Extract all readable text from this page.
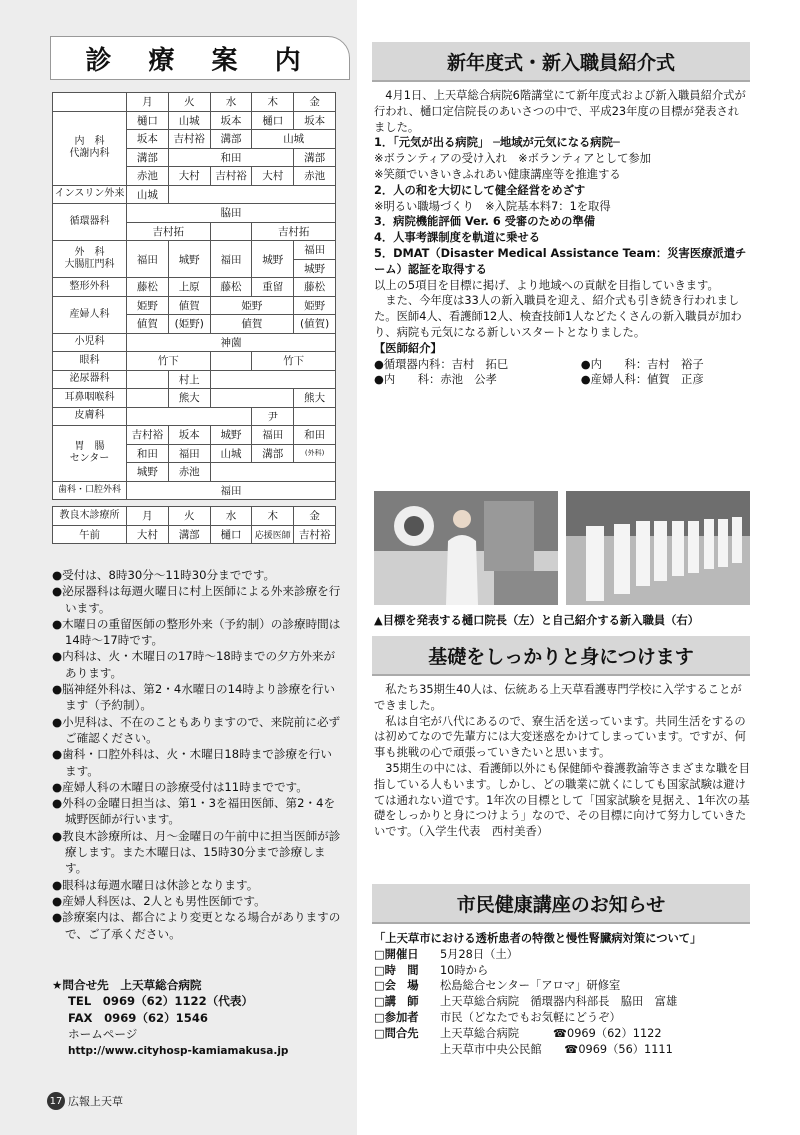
診 療 案 内
	月	火	水	木	金
内　科
代謝内科	樋口	山城	坂本	樋口	坂本
	坂本	吉村裕	溝部	山城	
	溝部	和田			溝部
	赤池	大村	吉村裕	大村	赤池
インスリン外来	山城				
循環器科	脇田				
	吉村拓			吉村拓	
外　科
大腸肛門科	福田	城野	福田	城野	福田
					城野
整形外科	藤松	上原	藤松	重留	藤松
産婦人科	姫野	値賀	姫野		姫野
	値賀	(姫野)	値賀		(値賀)
小児科	神薗				
眼科	竹下			竹下	
泌尿器科		村上			
耳鼻咽喉科		熊大			熊大
皮膚科				尹	
胃　腸
センター	吉村裕	坂本	城野	福田	和田
	和田	福田	山城	溝部	(外科)
	城野	赤池			
歯科・口腔外科	福田				
教良木診療所	月	火	水	木	金
午前	大村	溝部	樋口	応援医師	吉村裕
●受付は、8時30分～11時30分までです。
●泌尿器科は毎週火曜日に村上医師による外来診療を行います。
●木曜日の重留医師の整形外来（予約制）の診療時間は14時～17時です。
●内科は、火・木曜日の17時～18時までの夕方外来があります。
●脳神経外科は、第2・4水曜日の14時より診療を行います（予約制）。
●小児科は、不在のこともありますので、来院前に必ずご確認ください。
●歯科・口腔外科は、火・木曜日18時まで診療を行います。
●産婦人科の木曜日の診療受付は11時までです。
●外科の金曜日担当は、第1・3を福田医師、第2・4を城野医師が行います。
●教良木診療所は、月～金曜日の午前中に担当医師が診療します。また木曜日は、15時30分まで診療します。
●眼科は毎週水曜日は休診となります。
●産婦人科医は、2人とも男性医師です。
●診療案内は、都合により変更となる場合がありますので、ご了承ください。
★問合せ先　上天草総合病院
TEL　0969（62）1122（代表）
FAX　0969（62）1546
ホームページ
http://www.cityhosp-kamiamakusa.jp
17 広報上天草
新年度式・新入職員紹介式

4月1日、上天草総合病院6階講堂にて新年度式および新入職員紹介式が行われ、樋口定信院長のあいさつの中で、平成23年度の目標が発表されました。

1．「元気が出る病院」 ─地域が元気になる病院─
※ボランティアの受け入れ　※ボランティアとして参加
※笑顔でいきいきふれあい健康講座等を推進する
2．人の和を大切にして健全経営をめざす
※明るい職場づくり　※入院基本料7：1を取得
3．病院機能評価 Ver. 6 受審のための準備
4．人事考課制度を軌道に乗せる
5．DMAT（Disaster Medical Assistance Team：災害医療派遣チーム）認証を取得する
以上の5項目を目標に掲げ、より地域への貢献を目指していきます。

また、今年度は33人の新入職員を迎え、紹介式も引き続き行われました。医師4人、看護師12人、検査技師1人などたくさんの新入職員が加わり、病院も元気になる新しいスタートとなりました。

【医師紹介】
●循環器内科：吉村　拓巳	●内　　科：吉村　裕子
●内　　科：赤池　公孝	●産婦人科：値賀　正彦
▲目標を発表する樋口院長（左）と自己紹介する新入職員（右）
基礎をしっかりと身につけます

私たち35期生40人は、伝統ある上天草看護専門学校に入学することができました。

私は自宅が八代にあるので、寮生活を送っています。共同生活をするのは初めてなので先輩方には大変迷惑をかけてしまっています。ですが、何事も挑戦の心で頑張っていきたいと思います。

35期生の中には、看護師以外にも保健師や養護教諭等さまざまな職を目指している人もいます。しかし、どの職業に就くにしても国家試験は避けては通れない道です。1年次の目標として「国家試験を見据え、1年次の基礎をしっかりと身につけよう」なので、その目標に向けて努力していきたいです。（入学生代表　西村美香）

市民健康講座のお知らせ
「上天草市における透析患者の特徴と慢性腎臓病対策について」
□開催日	5月28日（土）
□時　間	10時から
□会　場	松島総合センター「アロマ」研修室
□講　師	上天草総合病院　循環器内科部長　脇田　富雄
□参加者	市民（どなたでもお気軽にどうぞ）
□問合先	上天草総合病院　　　☎0969（62）1122
上天草市中央公民館　　☎0969（56）1111
